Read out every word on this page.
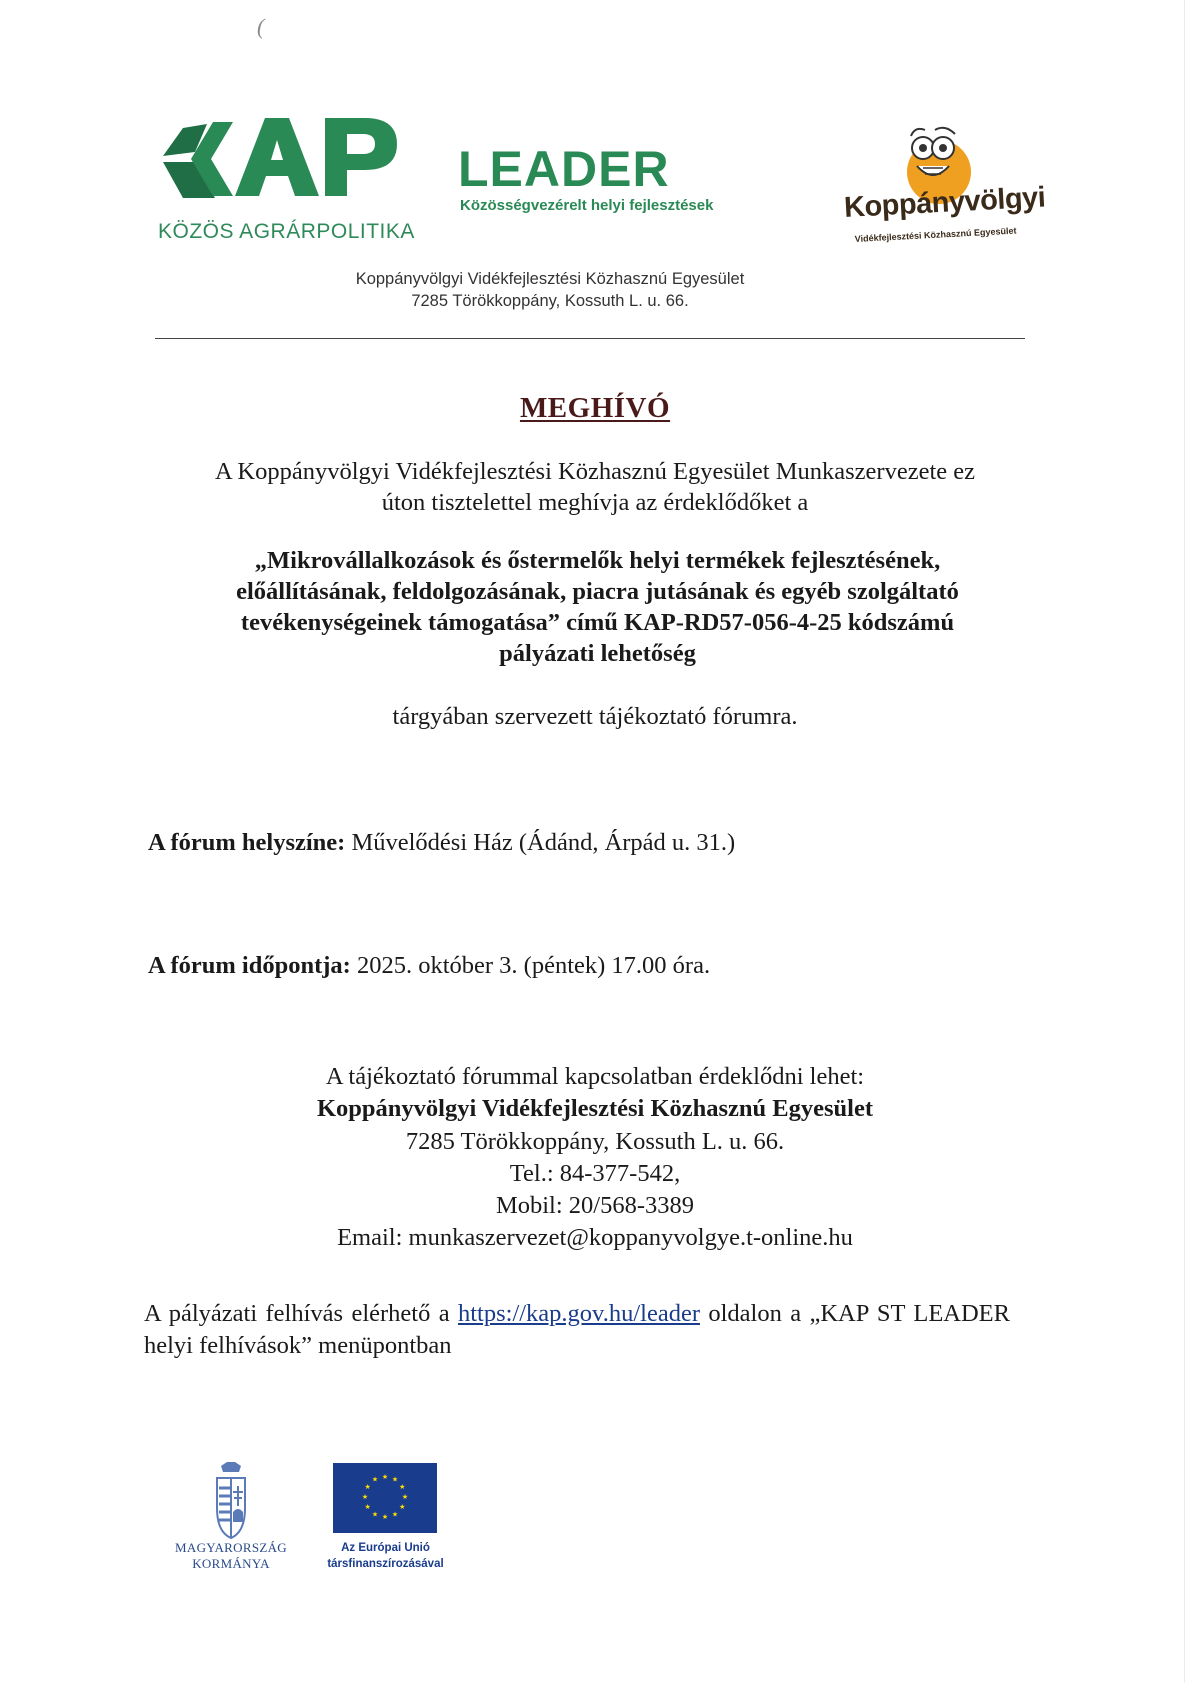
(
KÖZÖS AGRÁRPOLITIKA
LEADER
Közösségvezérelt helyi fejlesztések	Koppányvölgyi
Vidékfejlesztési Közhasznú Egyesület
Koppányvölgyi Vidékfejlesztési Közhasznú Egyesület
7285 Törökkoppány, Kossuth L. u. 66.
MEGHÍVÓ
A Koppányvölgyi Vidékfejlesztési Közhasznú Egyesület Munkaszervezete ez
úton tisztelettel meghívja az érdeklődőket a
„Mikrovállalkozások és őstermelők helyi termékek fejlesztésének,
előállításának, feldolgozásának, piacra jutásának és egyéb szolgáltató
tevékenységeinek támogatása” című KAP-RD57-056-4-25 kódszámú
pályázati lehetőség
tárgyában szervezett tájékoztató fórumra.
A fórum helyszíne: Művelődési Ház (Ádánd, Árpád u. 31.)
A fórum időpontja: 2025. október 3. (péntek) 17.00 óra.
A tájékoztató fórummal kapcsolatban érdeklődni lehet:
Koppányvölgyi Vidékfejlesztési Közhasznú Egyesület
7285 Törökkoppány, Kossuth L. u. 66.
Tel.: 84-377-542,
Mobil: 20/568-3389
Email: munkaszervezet@koppanyvolgye.t-online.hu
A pályázati felhívás elérhető a https://kap.gov.hu/leader oldalon a „KAP ST LEADER helyi felhívások” menüpontban
MAGYARORSZÁG
KORMÁNYA
★ ★
★
★
★
★
★
★
★
★
★
★
Az Európai Unió
társfinanszírozásával
